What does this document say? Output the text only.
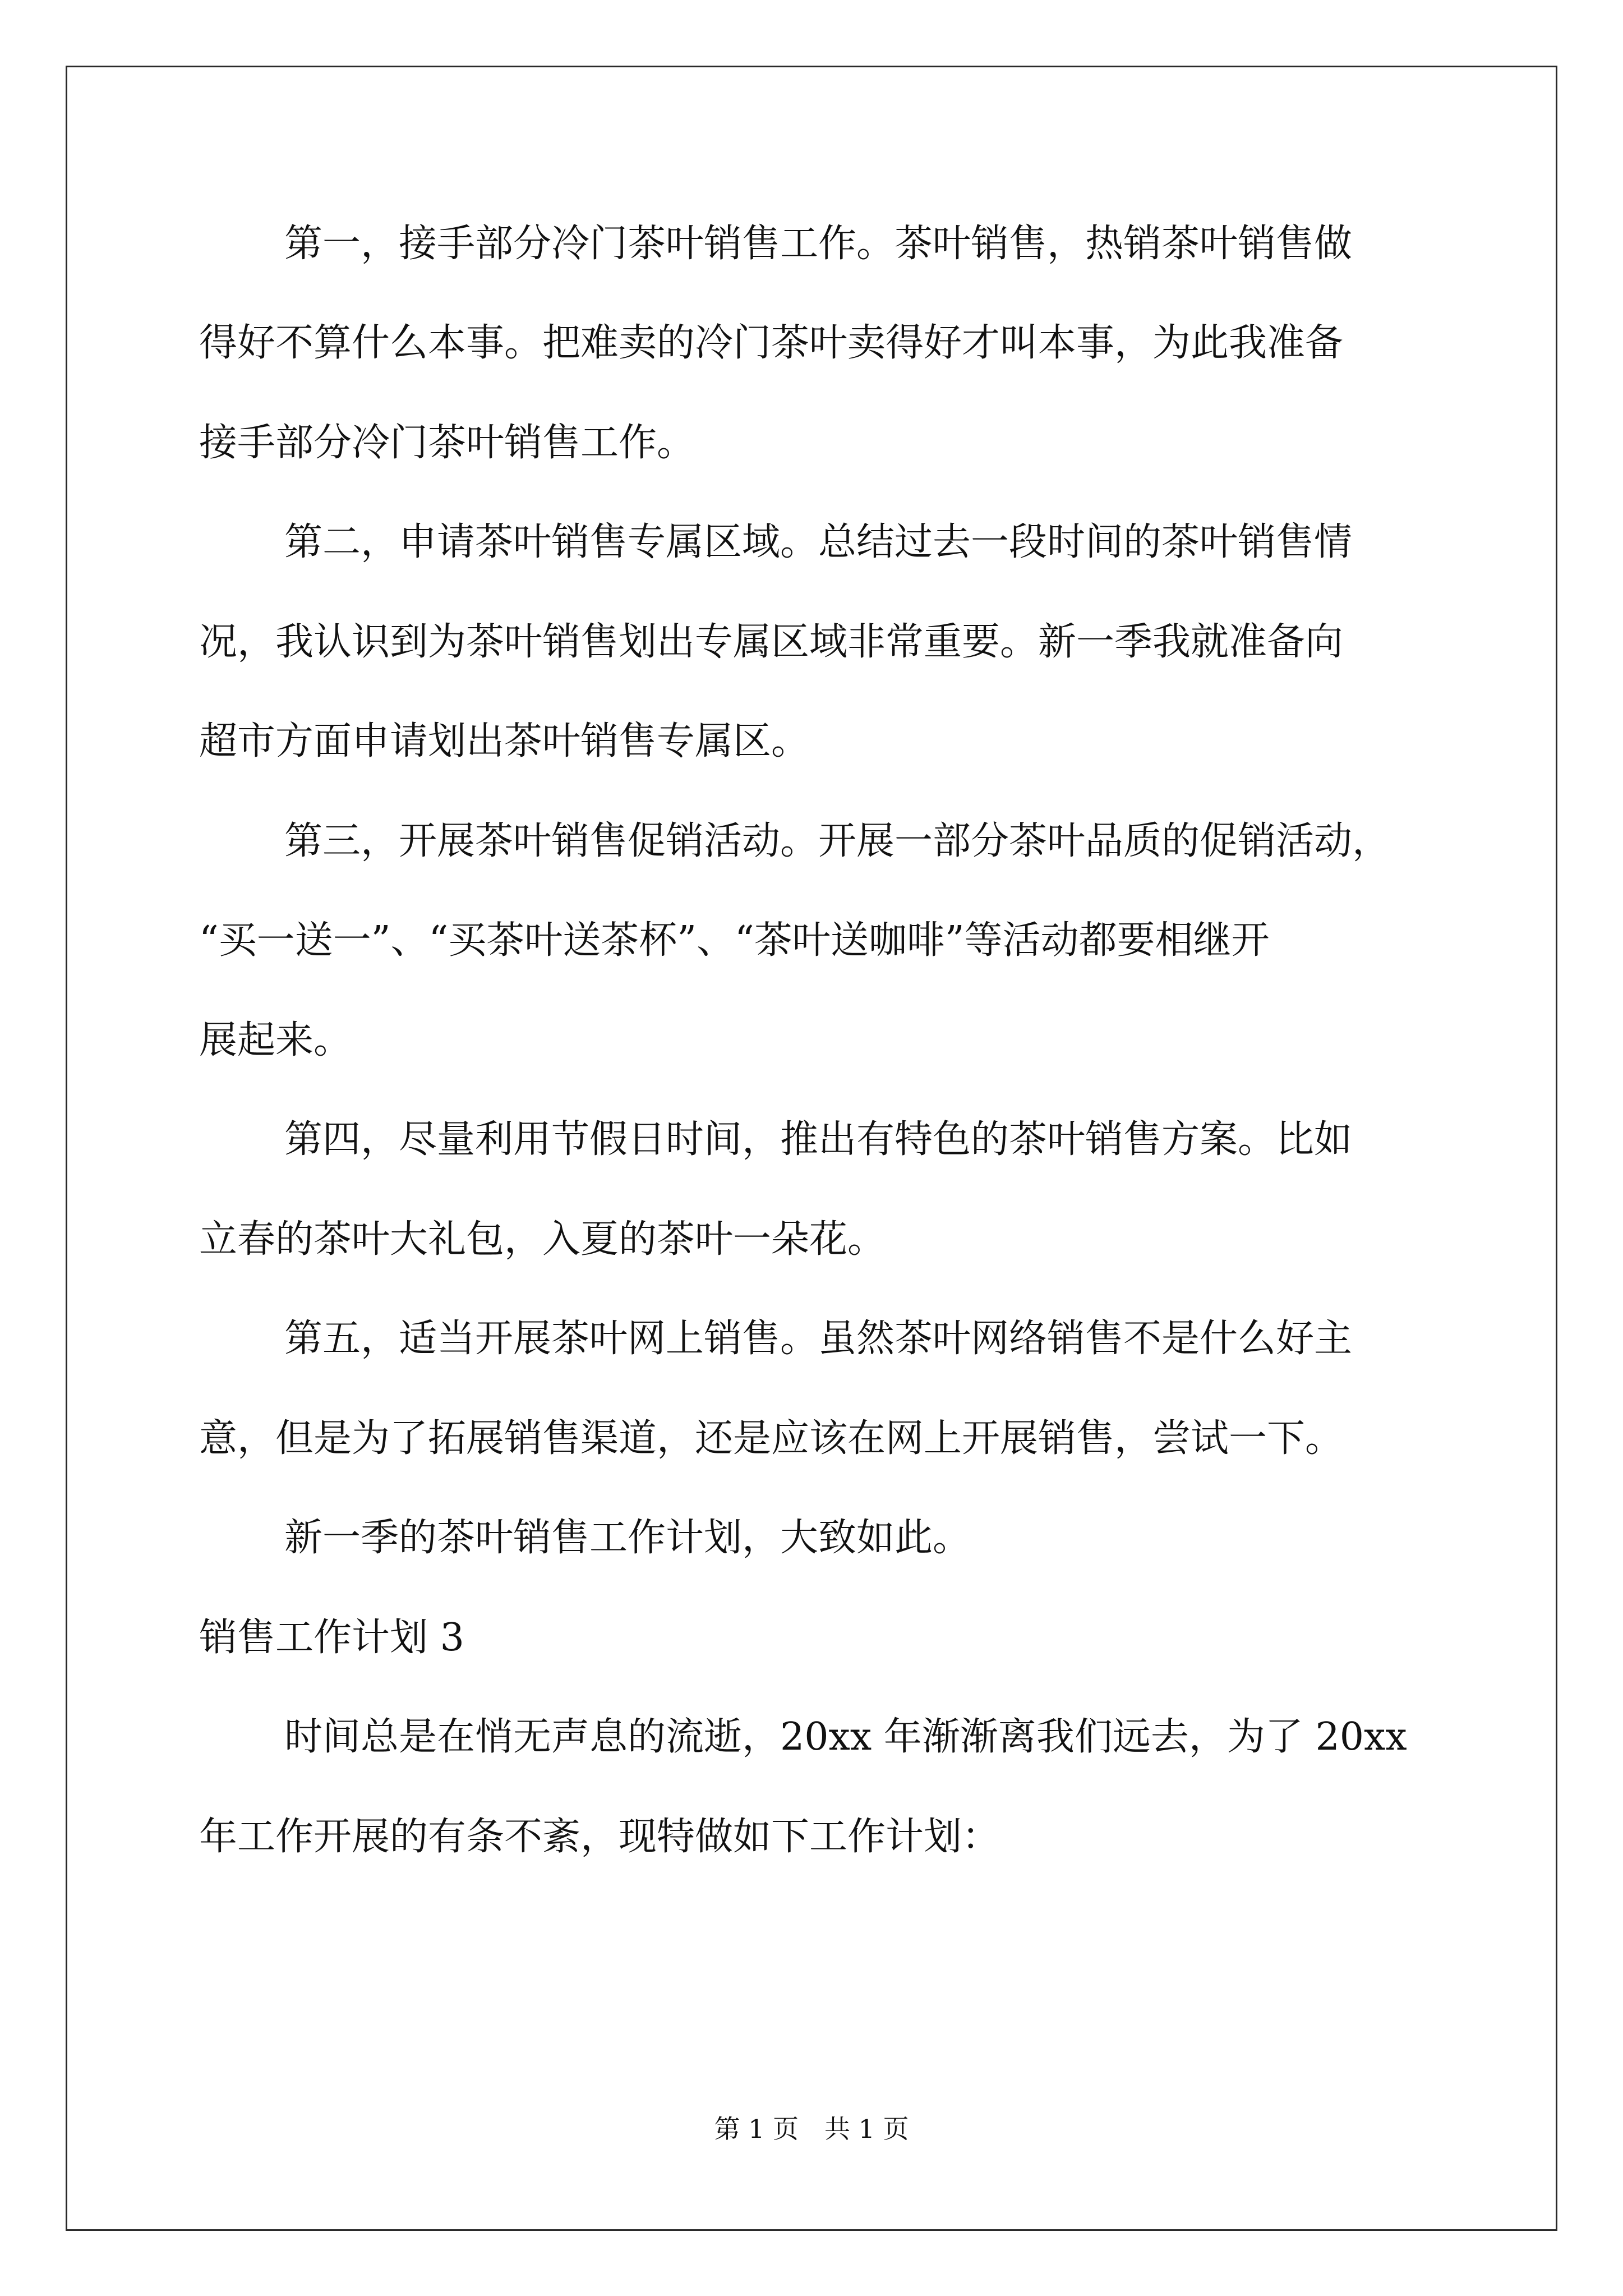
第一，接手部分冷门茶叶销售工作。茶叶销售，热销茶叶销售做
得好不算什么本事。把难卖的冷门茶叶卖得好才叫本事，为此我准备
接手部分冷门茶叶销售工作。
第二，申请茶叶销售专属区域。总结过去一段时间的茶叶销售情
况，我认识到为茶叶销售划出专属区域非常重要。新一季我就准备向
超市方面申请划出茶叶销售专属区。
第三，开展茶叶销售促销活动。开展一部分茶叶品质的促销活动，
“买一送一”、“买茶叶送茶杯”、“茶叶送咖啡”等活动都要相继开
展起来。
第四，尽量利用节假日时间，推出有特色的茶叶销售方案。比如
立春的茶叶大礼包，入夏的茶叶一朵花。
第五，适当开展茶叶网上销售。虽然茶叶网络销售不是什么好主
意，但是为了拓展销售渠道，还是应该在网上开展销售，尝试一下。
新一季的茶叶销售工作计划，大致如此。
销售工作计划 3
时间总是在悄无声息的流逝，20xx 年渐渐离我们远去，为了 20xx
年工作开展的有条不紊，现特做如下工作计划：
第 1 页　共 1 页
